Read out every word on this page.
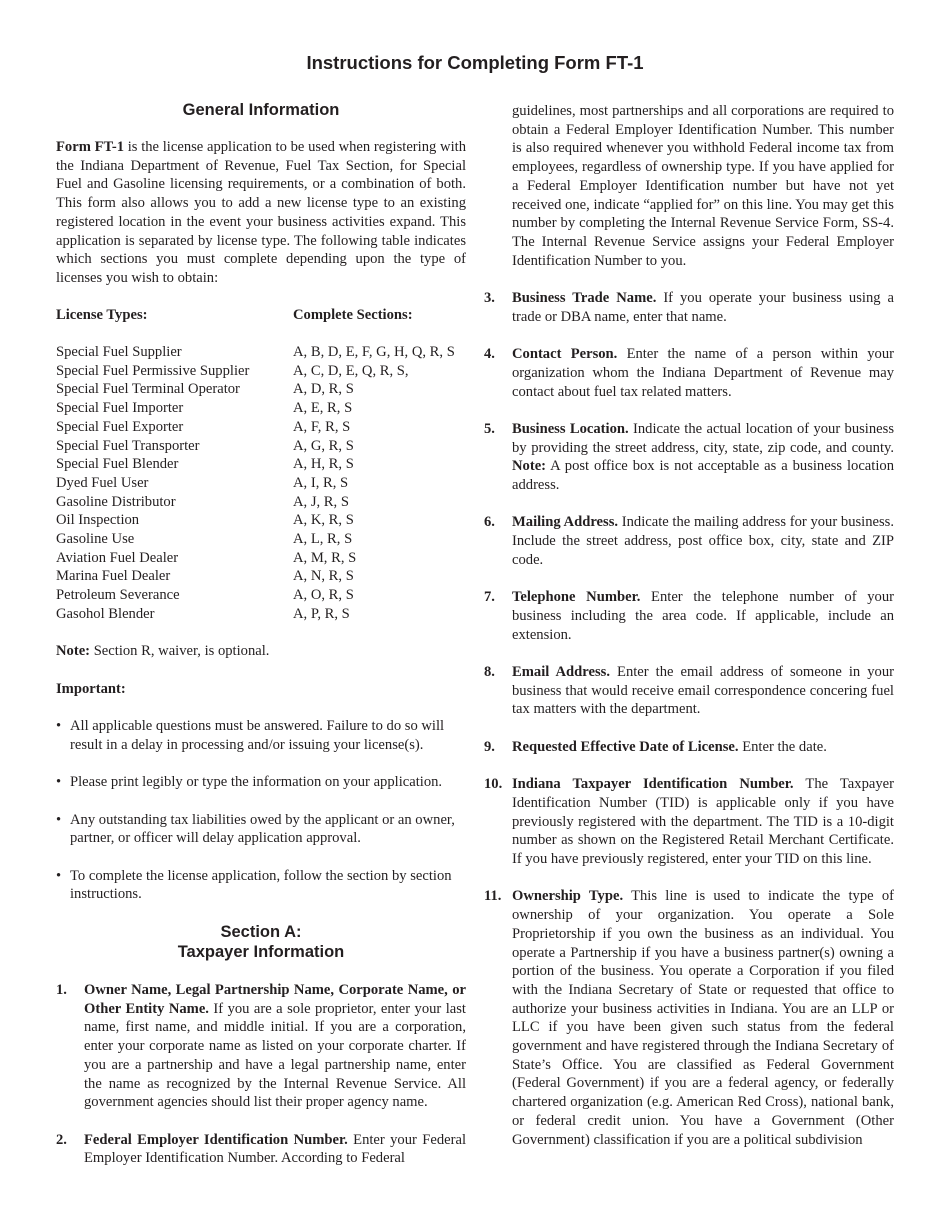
Instructions for Completing Form FT-1
General Information

Form FT-1 is the license application to be used when registering with the Indiana Department of Revenue, Fuel Tax Section, for Special Fuel and Gasoline licensing requirements, or a combination of both. This form also allows you to add a new license type to an existing registered location in the event your business activities expand. This application is separated by license type. The following table indicates which sections you must complete depending upon the type of licenses you wish to obtain:

License Types:	Complete Sections:
Special Fuel Supplier	A, B, D, E, F, G, H, Q, R, S
Special Fuel Permissive Supplier	A, C, D, E, Q, R, S,
Special Fuel Terminal Operator	A, D, R, S
Special Fuel Importer	A, E, R, S
Special Fuel Exporter	A, F, R, S
Special Fuel Transporter	A, G, R, S
Special Fuel Blender	A, H, R, S
Dyed Fuel User	A, I, R, S
Gasoline Distributor	A, J, R, S
Oil Inspection	A, K, R, S
Gasoline Use	A, L, R, S
Aviation Fuel Dealer	A, M, R, S
Marina Fuel Dealer	A, N, R, S
Petroleum Severance	A, O, R, S
Gasohol Blender	A, P, R, S

Note: Section R, waiver, is optional.

Important:

• All applicable questions must be answered. Failure to do so will result in a delay in processing and/or issuing your license(s).
• Please print legibly or type the information on your application.
• Any outstanding tax liabilities owed by the applicant or an owner, partner, or officer will delay application approval.
• To complete the license application, follow the section by section instructions.
Section A:
Taxpayer Information
1.	Owner Name, Legal Partnership Name, Corporate Name, or Other Entity Name. If you are a sole proprietor, enter your last name, first name, and middle initial. If you are a corporation, enter your corporate name as listed on your corporate charter. If you are a partnership and have a legal partnership name, enter the name as recognized by the Internal Revenue Service. All government agencies should list their proper agency name.
2.	Federal Employer Identification Number. Enter your Federal Employer Identification Number. According to Federal

guidelines, most partnerships and all corporations are required to obtain a Federal Employer Identification Number. This number is also required whenever you withhold Federal income tax from employees, regardless of ownership type. If you have applied for a Federal Employer Identification number but have not yet received one, indicate “applied for” on this line. You may get this number by completing the Internal Revenue Service Form, SS-4. The Internal Revenue Service assigns your Federal Employer Identification Number to you.

3.	Business Trade Name. If you operate your business using a trade or DBA name, enter that name.
4.	Contact Person. Enter the name of a person within your organization whom the Indiana Department of Revenue may contact about fuel tax related matters.
5.	Business Location. Indicate the actual location of your business by providing the street address, city, state, zip code, and county. Note: A post office box is not acceptable as a business location address.
6.	Mailing Address. Indicate the mailing address for your business. Include the street address, post office box, city, state and ZIP code.
7.	Telephone Number. Enter the telephone number of your business including the area code. If applicable, include an extension.
8.	Email Address. Enter the email address of someone in your business that would receive email correspondence concering fuel tax matters with the department.
9.	Requested Effective Date of License. Enter the date.
10. Indiana Taxpayer Identification Number. The Taxpayer Identification Number (TID) is applicable only if you have previously registered with the department. The TID is a 10-digit number as shown on the Registered Retail Merchant Certificate. If you have previously registered, enter your TID on this line.
11. Ownership Type. This line is used to indicate the type of ownership of your organization. You operate a Sole Proprietorship if you own the business as an individual. You operate a Partnership if you have a business partner(s) owning a portion of the business. You operate a Corporation if you filed with the Indiana Secretary of State or requested that office to authorize your business activities in Indiana. You are an LLP or LLC if you have been given such status from the federal government and have registered through the Indiana Secretary of State’s Office. You are classified as Federal Government (Federal Government) if you are a federal agency, or federally chartered organization (e.g. American Red Cross), national bank, or federal credit union. You have a Government (Other Government) classification if you are a political subdivision
